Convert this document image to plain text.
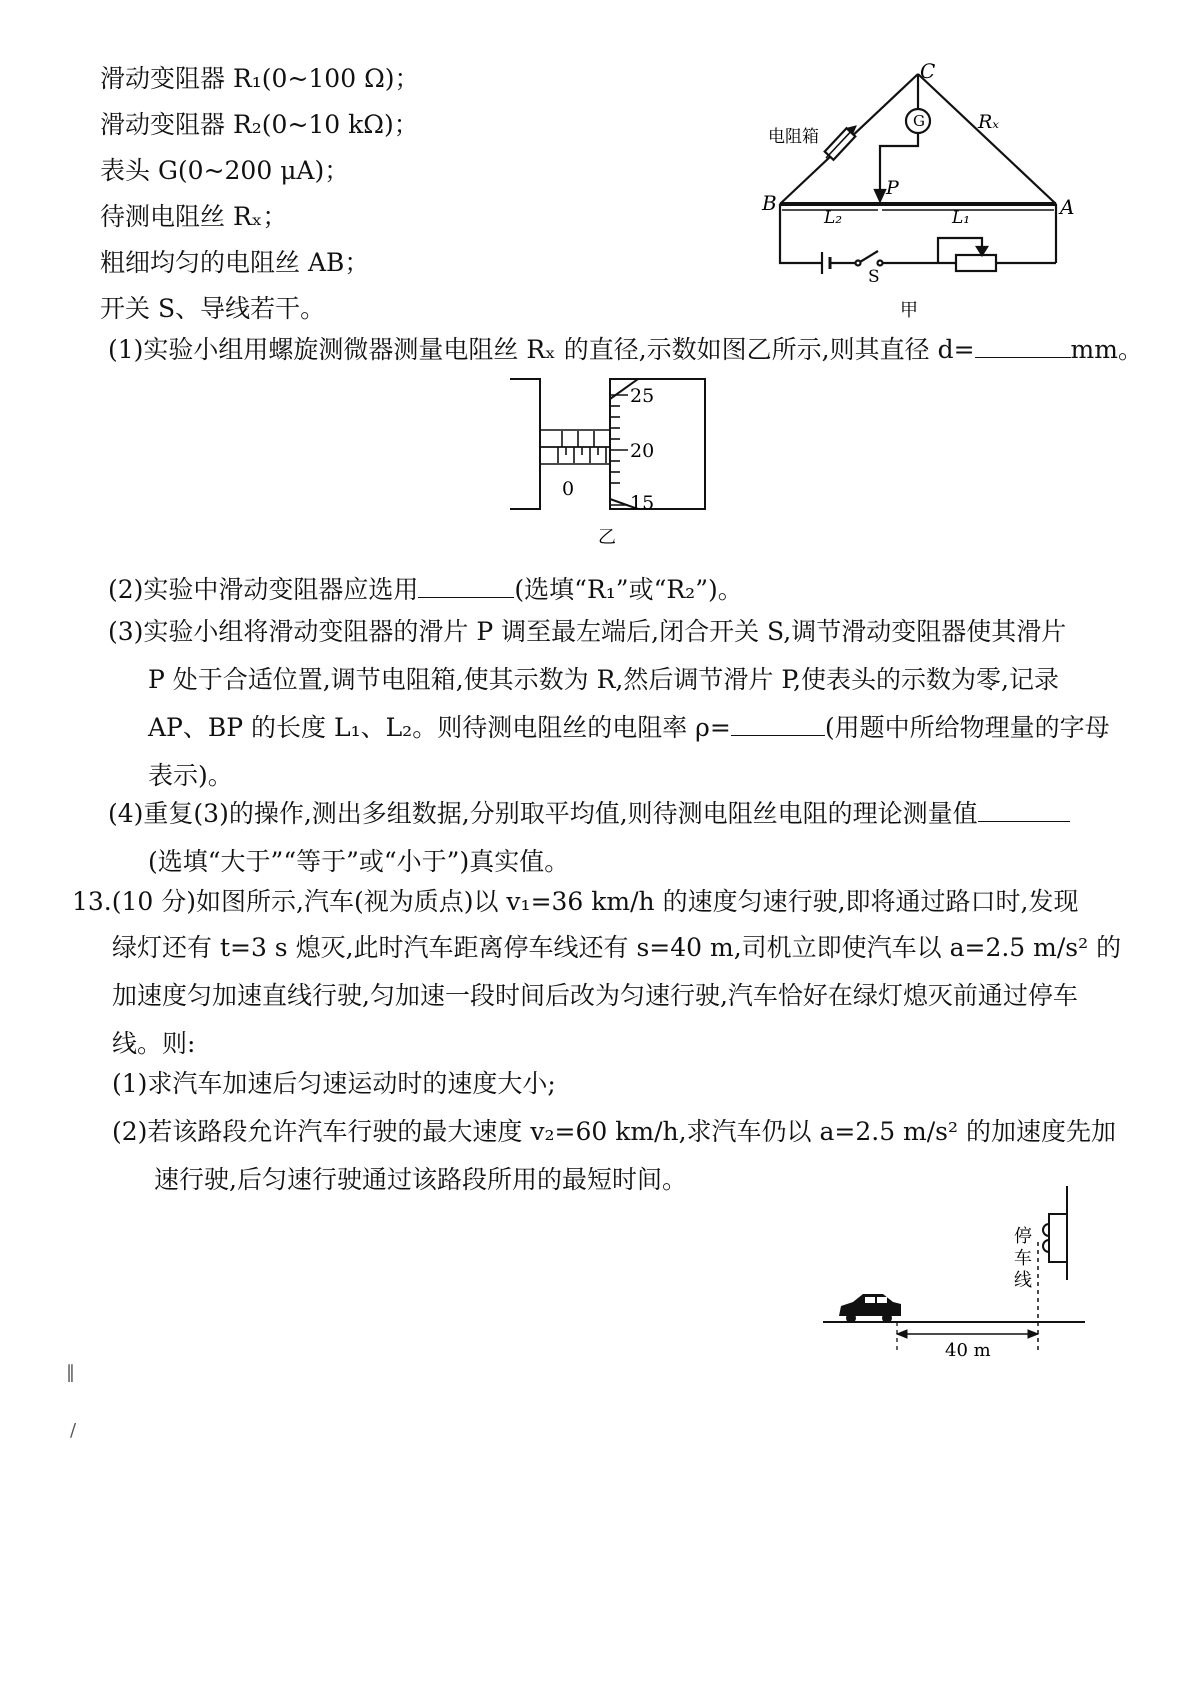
滑动变阻器 R₁(0~100 Ω)；
滑动变阻器 R₂(0~10 kΩ)；
表头 G(0~200 μA)；
待测电阻丝 Rₓ；
粗细均匀的电阻丝 AB；
开关 S、导线若干。
G
C
B	A
P
Rₓ
电阻箱
L₂	L₁
S
甲
(1)实验小组用螺旋测微器测量电阻丝 Rₓ 的直径,示数如图乙所示,则其直径 d=	mm。
25
20
15
0
乙
(2)实验中滑动变阻器应选用	(选填“R₁”或“R₂”)。
(3)实验小组将滑动变阻器的滑片 P 调至最左端后,闭合开关 S,调节滑动变阻器使其滑片
P 处于合适位置,调节电阻箱,使其示数为 R,然后调节滑片 P,使表头的示数为零,记录
AP、BP 的长度 L₁、L₂。则待测电阻丝的电阻率 ρ=	(用题中所给物理量的字母
表示)。
(4)重复(3)的操作,测出多组数据,分别取平均值,则待测电阻丝电阻的理论测量值
(选填“大于”“等于”或“小于”)真实值。
13.(10 分)如图所示,汽车(视为质点)以 v₁=36 km/h 的速度匀速行驶,即将通过路口时,发现
绿灯还有 t=3 s 熄灭,此时汽车距离停车线还有 s=40 m,司机立即使汽车以 a=2.5 m/s² 的
加速度匀加速直线行驶,匀加速一段时间后改为匀速行驶,汽车恰好在绿灯熄灭前通过停车
线。则:
(1)求汽车加速后匀速运动时的速度大小;
(2)若该路段允许汽车行驶的最大速度 v₂=60 km/h,求汽车仍以 a=2.5 m/s² 的加速度先加
速行驶,后匀速行驶通过该路段所用的最短时间。
停
车
线
40 m
‖
/
